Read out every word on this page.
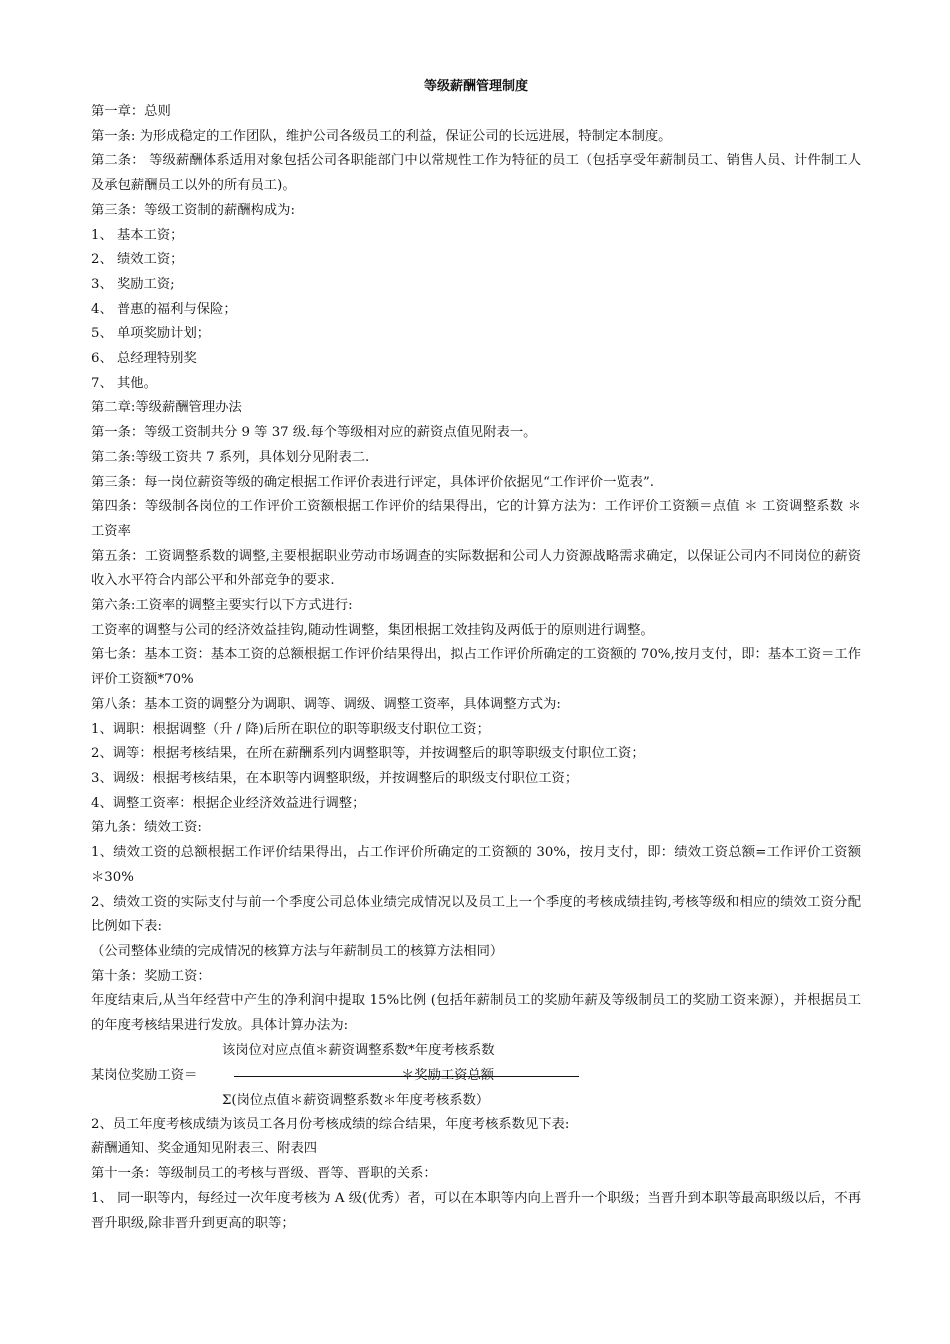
等级薪酬管理制度
第一章：总则
第一条: 为形成稳定的工作团队，维护公司各级员工的利益，保证公司的长远进展，特制定本制度。
第二条： 等级薪酬体系适用对象包括公司各职能部门中以常规性工作为特征的员工（包括享受年薪制员工、销售人员、计件制工人及承包薪酬员工以外的所有员工)。
第三条：等级工资制的薪酬构成为:
1、 基本工资；
2、 绩效工资；
3、 奖励工资;
4、 普惠的福利与保险；
5、 单项奖励计划；
6、 总经理特别奖
7、 其他。
第二章:等级薪酬管理办法
第一条：等级工资制共分 9 等 37 级.每个等级相对应的薪资点值见附表一。
第二条:等级工资共 7 系列，具体划分见附表二.
第三条：每一岗位薪资等级的确定根据工作评价表进行评定，具体评价依据见“工作评价一览表”.
第四条：等级制各岗位的工作评价工资额根据工作评价的结果得出，它的计算方法为：工作评价工资额＝点值 ＊ 工资调整系数 ＊ 工资率
第五条：工资调整系数的调整,主要根据职业劳动市场调查的实际数据和公司人力资源战略需求确定，以保证公司内不同岗位的薪资收入水平符合内部公平和外部竞争的要求.
第六条:工资率的调整主要实行以下方式进行:
工资率的调整与公司的经济效益挂钩,随动性调整，集团根据工效挂钩及两低于的原则进行调整。
第七条：基本工资：基本工资的总额根据工作评价结果得出，拟占工作评价所确定的工资额的 70%,按月支付，即：基本工资＝工作评价工资额*70%
第八条：基本工资的调整分为调职、调等、调级、调整工资率，具体调整方式为:
1、调职：根据调整（升 / 降)后所在职位的职等职级支付职位工资；
2、调等：根据考核结果，在所在薪酬系列内调整职等，并按调整后的职等职级支付职位工资；
3、调级：根据考核结果，在本职等内调整职级，并按调整后的职级支付职位工资；
4、调整工资率：根据企业经济效益进行调整；
第九条：绩效工资:
1、绩效工资的总额根据工作评价结果得出，占工作评价所确定的工资额的 30%，按月支付，即：绩效工资总额=工作评价工资额＊30%
2、绩效工资的实际支付与前一个季度公司总体业绩完成情况以及员工上一个季度的考核成绩挂钩,考核等级和相应的绩效工资分配比例如下表:
（公司整体业绩的完成情况的核算方法与年薪制员工的核算方法相同）
第十条：奖励工资：
年度结束后,从当年经营中产生的净利润中提取 15%比例 (包括年薪制员工的奖励年薪及等级制员工的奖励工资来源），并根据员工的年度考核结果进行发放。具体计算办法为:
该岗位对应点值＊薪资调整系数*年度考核系数
某岗位奖励工资＝	＊奖励工资总额
Σ(岗位点值＊薪资调整系数＊年度考核系数）
2、员工年度考核成绩为该员工各月份考核成绩的综合结果，年度考核系数见下表:
薪酬通知、奖金通知见附表三、附表四
第十一条：等级制员工的考核与晋级、晋等、晋职的关系：
1、 同一职等内，每经过一次年度考核为 A 级(优秀）者，可以在本职等内向上晋升一个职级；当晋升到本职等最高职级以后，不再晋升职级,除非晋升到更高的职等；
